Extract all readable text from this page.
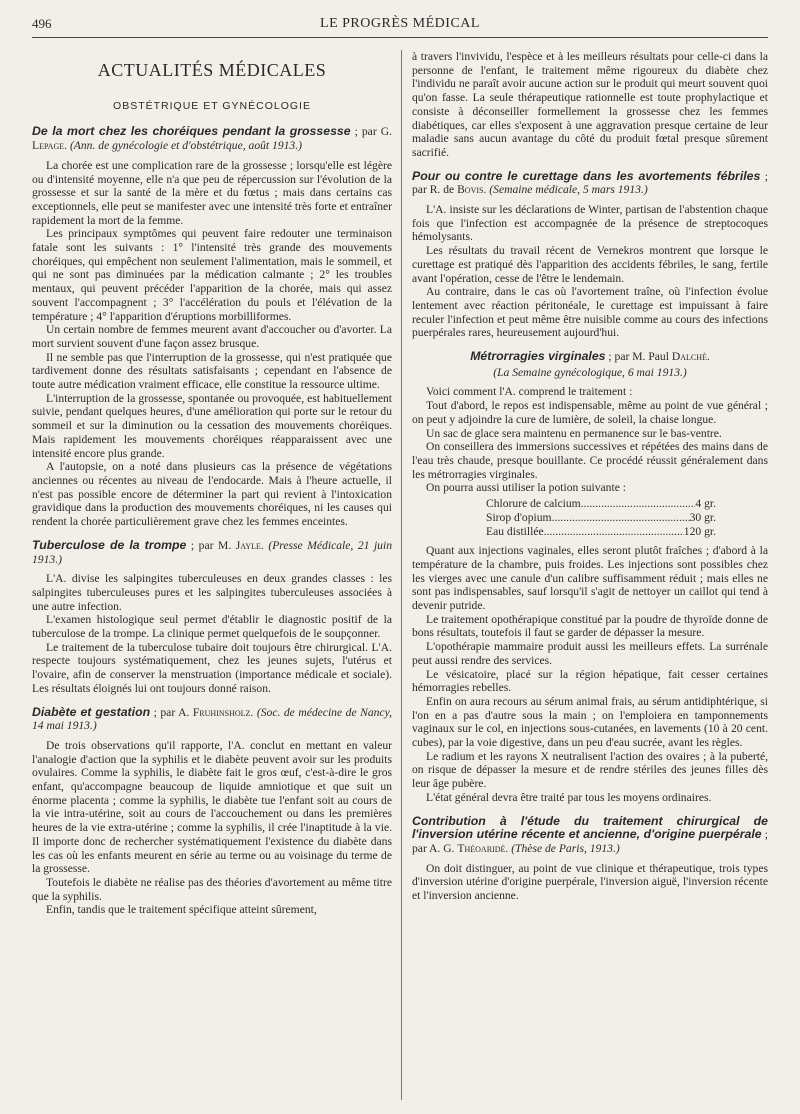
496	LE PROGRÈS MÉDICAL
ACTUALITÉS MÉDICALES
OBSTÉTRIQUE ET GYNÉCOLOGIE

De la mort chez les choréiques pendant la grossesse ; par G. Lepage. (Ann. de gynécologie et d'obstétrique, août 1913.)

La chorée est une complication rare de la grossesse ; lorsqu'elle est légère ou d'intensité moyenne, elle n'a que peu de répercussion sur l'évolution de la grossesse et sur la santé de la mère et du fœtus ; mais dans certains cas exceptionnels, elle peut se manifester avec une intensité très forte et entraîner rapidement la mort de la femme.

Les principaux symptômes qui peuvent faire redouter une terminaison fatale sont les suivants : 1° l'intensité très grande des mouvements choréiques, qui empêchent non seulement l'alimentation, mais le sommeil, et qui ne sont pas diminuées par la médication calmante ; 2° les troubles mentaux, qui peuvent précéder l'apparition de la chorée, mais qui assez souvent l'accompagnent ; 3° l'accélération du pouls et l'élévation de la température ; 4° l'apparition d'éruptions morbilliformes.

Un certain nombre de femmes meurent avant d'accoucher ou d'avorter. La mort survient souvent d'une façon assez brusque.

Il ne semble pas que l'interruption de la grossesse, qui n'est pratiquée que tardivement donne des résultats satisfaisants ; cependant en l'absence de toute autre médication vraiment efficace, elle constitue la ressource ultime.

L'interruption de la grossesse, spontanée ou provoquée, est habituellement suivie, pendant quelques heures, d'une amélioration qui porte sur le retour du sommeil et sur la diminution ou la cessation des mouvements choréiques. Mais rapidement les mouvements choréiques réapparaissent avec une intensité encore plus grande.

A l'autopsie, on a noté dans plusieurs cas la présence de végétations anciennes ou récentes au niveau de l'endocarde. Mais à l'heure actuelle, il n'est pas possible encore de déterminer la part qui revient à l'intoxication gravidique dans la production des mouvements choréiques, ni les causes qui rendent la chorée particulièrement grave chez les femmes enceintes.

Tuberculose de la trompe ; par M. Jayle. (Presse Médicale, 21 juin 1913.)

L'A. divise les salpingites tuberculeuses en deux grandes classes : les salpingites tuberculeuses pures et les salpingites tuberculeuses associées à une autre infection.

L'examen histologique seul permet d'établir le diagnostic positif de la tuberculose de la trompe. La clinique permet quelquefois de le soupçonner.

Le traitement de la tuberculose tubaire doit toujours être chirurgical. L'A. respecte toujours systématiquement, chez les jeunes sujets, l'utérus et l'ovaire, afin de conserver la menstruation (importance médicale et sociale). Les résultats éloignés lui ont toujours donné raison.

Diabète et gestation ; par A. Fruhinsholz. (Soc. de médecine de Nancy, 14 mai 1913.)

De trois observations qu'il rapporte, l'A. conclut en mettant en valeur l'analogie d'action que la syphilis et le diabète peuvent avoir sur les produits ovulaires. Comme la syphilis, le diabète fait le gros œuf, c'est-à-dire le gros enfant, qu'accompagne beaucoup de liquide amniotique et que suit un énorme placenta ; comme la syphilis, le diabète tue l'enfant soit au cours de la vie intra-utérine, soit au cours de l'accouchement ou dans les premières heures de la vie extra-utérine ; comme la syphilis, il crée l'inaptitude à la vie. Il importe donc de rechercher systématiquement l'existence du diabète dans les cas où les enfants meurent en série au terme ou au voisinage du terme de la grossesse.

Toutefois le diabète ne réalise pas des théories d'avortement au même titre que la syphilis.

Enfin, tandis que le traitement spécifique atteint sûrement,

à travers l'invividu, l'espèce et à les meilleurs résultats pour celle-ci dans la personne de l'enfant, le traitement même rigoureux du diabète chez l'individu ne paraît avoir aucune action sur le produit qui meurt souvent quoi qu'on fasse. La seule thérapeutique rationnelle est toute prophylactique et consiste à déconseiller formellement la grossesse chez les femmes diabétiques, car elles s'exposent à une aggravation presque certaine de leur maladie sans aucun avantage du côté du produit fœtal presque sûrement sacrifié.

Pour ou contre le curettage dans les avortements fébriles ; par R. de Bovis. (Semaine médicale, 5 mars 1913.)

L'A. insiste sur les déclarations de Winter, partisan de l'abstention chaque fois que l'infection est accompagnée de la présence de streptocoques hémolysants.

Les résultats du travail récent de Vernekros montrent que lorsque le curettage est pratiqué dès l'apparition des accidents fébriles, le sang, fertile avant l'opération, cesse de l'être le lendemain.

Au contraire, dans le cas où l'avortement traîne, où l'infection évolue lentement avec réaction péritonéale, le curettage est impuissant à faire reculer l'infection et peut même être nuisible comme au cours des infections puerpérales rares, heureusement aujourd'hui.

Métrorragies virginales ; par M. Paul Dalché.

(La Semaine gynécologique, 6 mai 1913.)

Voici comment l'A. comprend le traitement :

Tout d'abord, le repos est indispensable, même au point de vue général ; on peut y adjoindre la cure de lumière, de soleil, la chaise longue.

Un sac de glace sera maintenu en permanence sur le bas-ventre.

On conseillera des immersions successives et répétées des mains dans de l'eau très chaude, presque bouillante. Ce procédé réussit généralement dans les métrorragies virginales.

On pourra aussi utiliser la potion suivante :

Chlorure de calcium .....	4 gr.
Sirop d'opium .....	30 gr.
Eau distillée .....	120 gr.

Quant aux injections vaginales, elles seront plutôt fraîches ; d'abord à la température de la chambre, puis froides. Les injections sont possibles chez les vierges avec une canule d'un calibre suffisamment réduit ; mais elles ne sont pas indispensables, sauf lorsqu'il s'agit de nettoyer un caillot qui tend à devenir putride.

Le traitement opothérapique constitué par la poudre de thyroïde donne de bons résultats, toutefois il faut se garder de dépasser la mesure.

L'opothérapie mammaire produit aussi les meilleurs effets. La surrénale peut aussi rendre des services.

Le vésicatoire, placé sur la région hépatique, fait cesser certaines hémorragies rebelles.

Enfin on aura recours au sérum animal frais, au sérum antidiphtérique, si l'on en a pas d'autre sous la main ; on l'emploiera en tamponnements vaginaux sur le col, en injections sous-cutanées, en lavements (10 à 20 cent. cubes), par la voie digestive, dans un peu d'eau sucrée, avant les règles.

Le radium et les rayons X neutralisent l'action des ovaires ; à la puberté, on risque de dépasser la mesure et de rendre stériles des jeunes filles dès leur âge pubère.

L'état général devra être traité par tous les moyens ordinaires.

Contribution à l'étude du traitement chirurgical de l'inversion utérine récente et ancienne, d'origine puerpérale ; par A. G. Théoaridè. (Thèse de Paris, 1913.)

On doit distinguer, au point de vue clinique et thérapeutique, trois types d'inversion utérine d'origine puerpérale, l'inversion aiguë, l'inversion récente et l'inversion ancienne.
